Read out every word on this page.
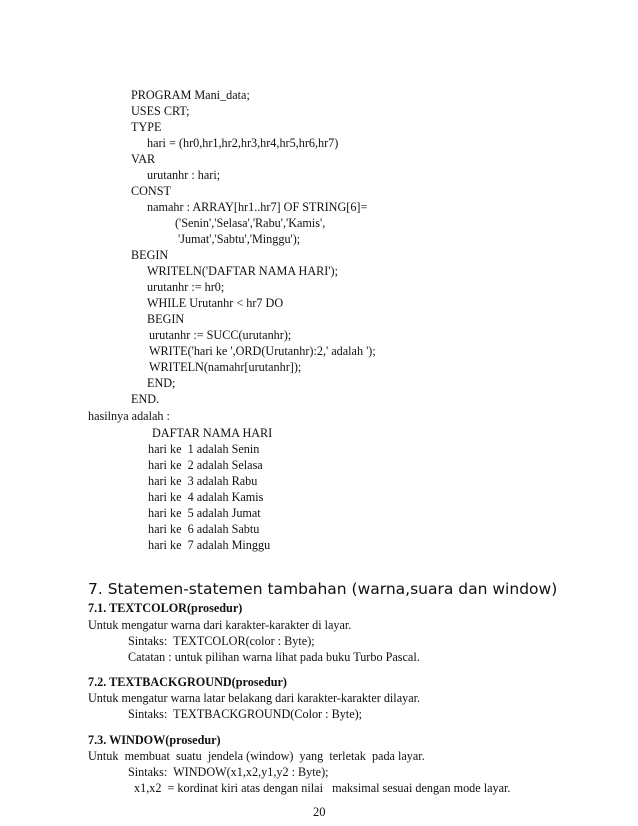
PROGRAM Mani_data;
USES CRT;
TYPE
hari = (hr0,hr1,hr2,hr3,hr4,hr5,hr6,hr7)
VAR
urutanhr : hari;
CONST
namahr : ARRAY[hr1..hr7] OF STRING[6]=
('Senin','Selasa','Rabu','Kamis',
'Jumat','Sabtu','Minggu');
BEGIN
WRITELN('DAFTAR NAMA HARI');
urutanhr := hr0;
WHILE Urutanhr < hr7 DO
BEGIN
urutanhr := SUCC(urutanhr);
WRITE('hari ke ',ORD(Urutanhr):2,' adalah ');
WRITELN(namahr[urutanhr]);
END;
END.
hasilnya adalah :
DAFTAR NAMA HARI
hari ke  1 adalah Senin
hari ke  2 adalah Selasa
hari ke  3 adalah Rabu
hari ke  4 adalah Kamis
hari ke  5 adalah Jumat
hari ke  6 adalah Sabtu
hari ke  7 adalah Minggu
7. Statemen-statemen tambahan (warna,suara dan window)
7.1. TEXTCOLOR(prosedur)
Untuk mengatur warna dari karakter-karakter di layar.
Sintaks:  TEXTCOLOR(color : Byte);
Catatan : untuk pilihan warna lihat pada buku Turbo Pascal.
7.2. TEXTBACKGROUND(prosedur)
Untuk mengatur warna latar belakang dari karakter-karakter dilayar.
Sintaks:  TEXTBACKGROUND(Color : Byte);
7.3. WINDOW(prosedur)
Untuk  membuat  suatu  jendela (window)  yang  terletak  pada layar.
Sintaks:  WINDOW(x1,x2,y1,y2 : Byte);
x1,x2  = kordinat kiri atas dengan nilai   maksimal sesuai dengan mode layar.
20
